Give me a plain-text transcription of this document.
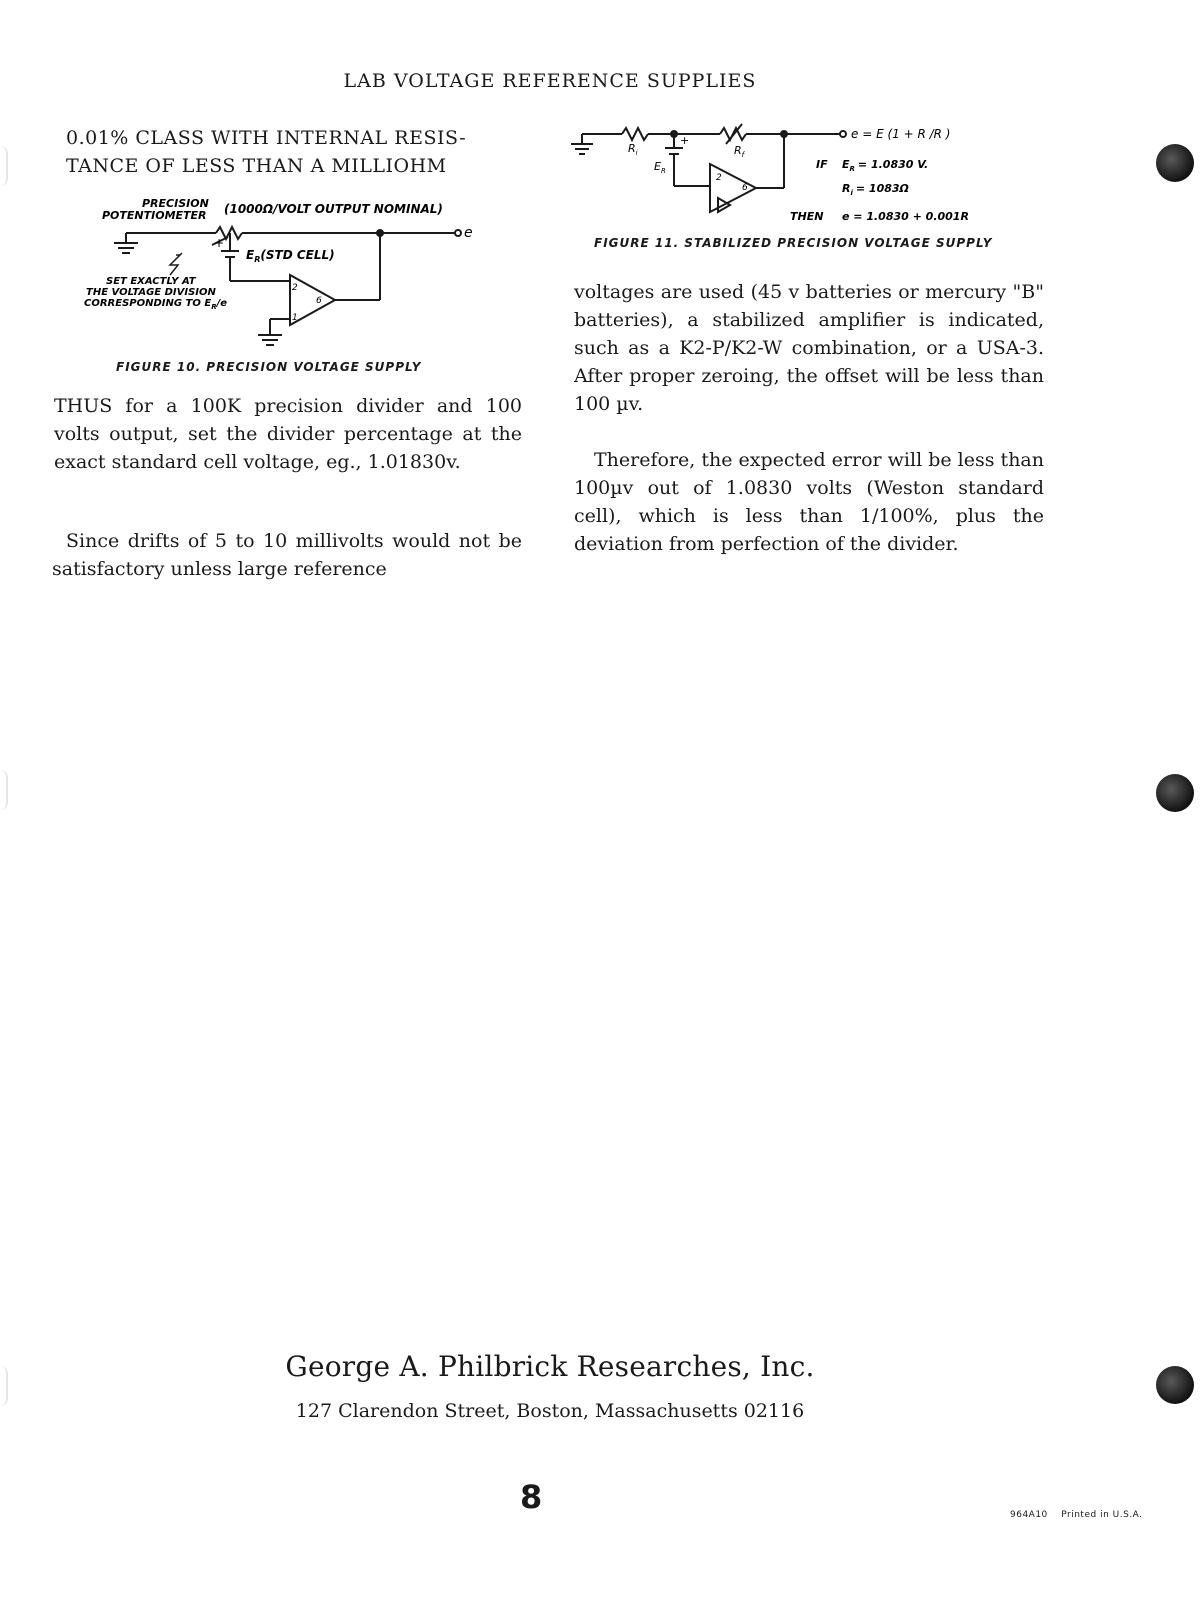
LAB VOLTAGE REFERENCE SUPPLIES
0.01% CLASS WITH INTERNAL RESIS-
TANCE OF LESS THAN A MILLIOHM
PRECISION
POTENTIOMETER (1000Ω/VOLT OUTPUT NOMINAL)
e
+
$E_R(STD$ CELL)
SET EXACTLY AT
THE VOLTAGE DIVISION
CORRESPONDING TO $E_R/e$
2
6
1
FIGURE 10. PRECISION VOLTAGE SUPPLY
$R_i$	$R_f$
$E_R$
+
2
6
e = E (1 + R /R )
IF $E_R = 1.0830$ V.
$R_i = 1083\Omega$
THEN e = 1.0830 + 0.001R
FIGURE 11. STABILIZED PRECISION VOLTAGE SUPPLY
THUS for a 100K precision divider and 100 volts output, set the divider percentage at the exact standard cell voltage, eg., 1.01830v.
Since drifts of 5 to 10 millivolts would not be satisfactory unless large reference
voltages are used (45 v batteries or mercury "B" batteries), a stabilized amplifier is indicated, such as a K2-P/K2-W combination, or a USA-3. After proper zeroing, the offset will be less than 100 µv.
Therefore, the expected error will be less than 100µv out of 1.0830 volts (Weston standard cell), which is less than 1/100%, plus the deviation from perfection of the divider.
George A. Philbrick Researches, Inc.
127 Clarendon Street, Boston, Massachusetts 02116
8	964A10 Printed in U.S.A.
